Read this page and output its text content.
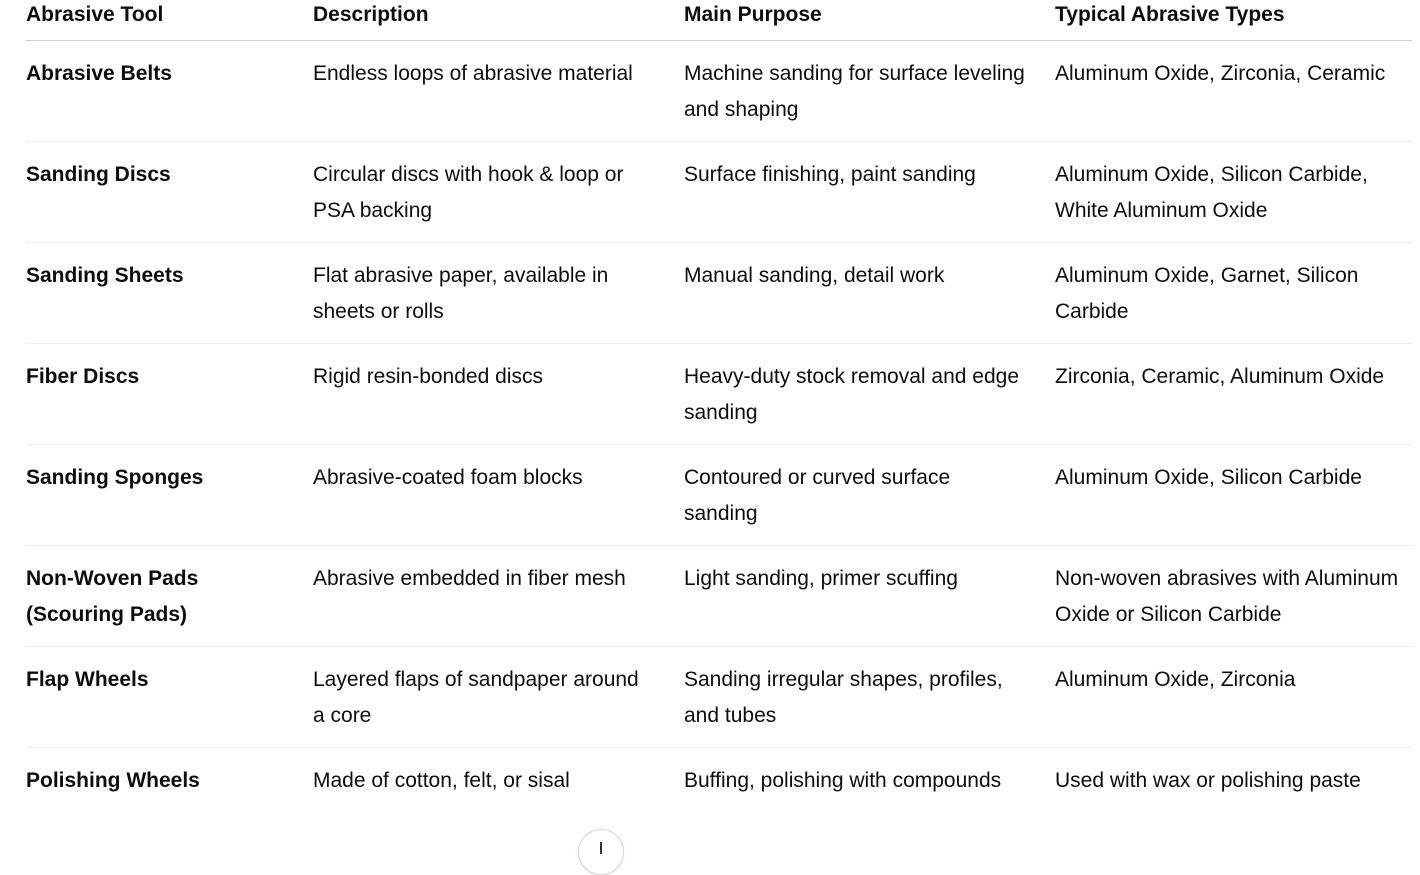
Abrasive Tool	Description	Main Purpose	Typical Abrasive Types
Abrasive Belts	Endless loops of abrasive material	Machine sanding for surface leveling and shaping	Aluminum Oxide, Zirconia, Ceramic
Sanding Discs	Circular discs with hook & loop or PSA backing	Surface finishing, paint sanding	Aluminum Oxide, Silicon Carbide, White Aluminum Oxide
Sanding Sheets	Flat abrasive paper, available in sheets or rolls	Manual sanding, detail work	Aluminum Oxide, Garnet, Silicon Carbide
Fiber Discs	Rigid resin-bonded discs	Heavy-duty stock removal and edge sanding	Zirconia, Ceramic, Aluminum Oxide
Sanding Sponges	Abrasive-coated foam blocks	Contoured or curved surface sanding	Aluminum Oxide, Silicon Carbide
Non-Woven Pads (Scouring Pads)	Abrasive embedded in fiber mesh	Light sanding, primer scuffing	Non-woven abrasives with Aluminum Oxide or Silicon Carbide
Flap Wheels	Layered flaps of sandpaper around a core	Sanding irregular shapes, profiles, and tubes	Aluminum Oxide, Zirconia
Polishing Wheels	Made of cotton, felt, or sisal	Buffing, polishing with compounds	Used with wax or polishing paste
